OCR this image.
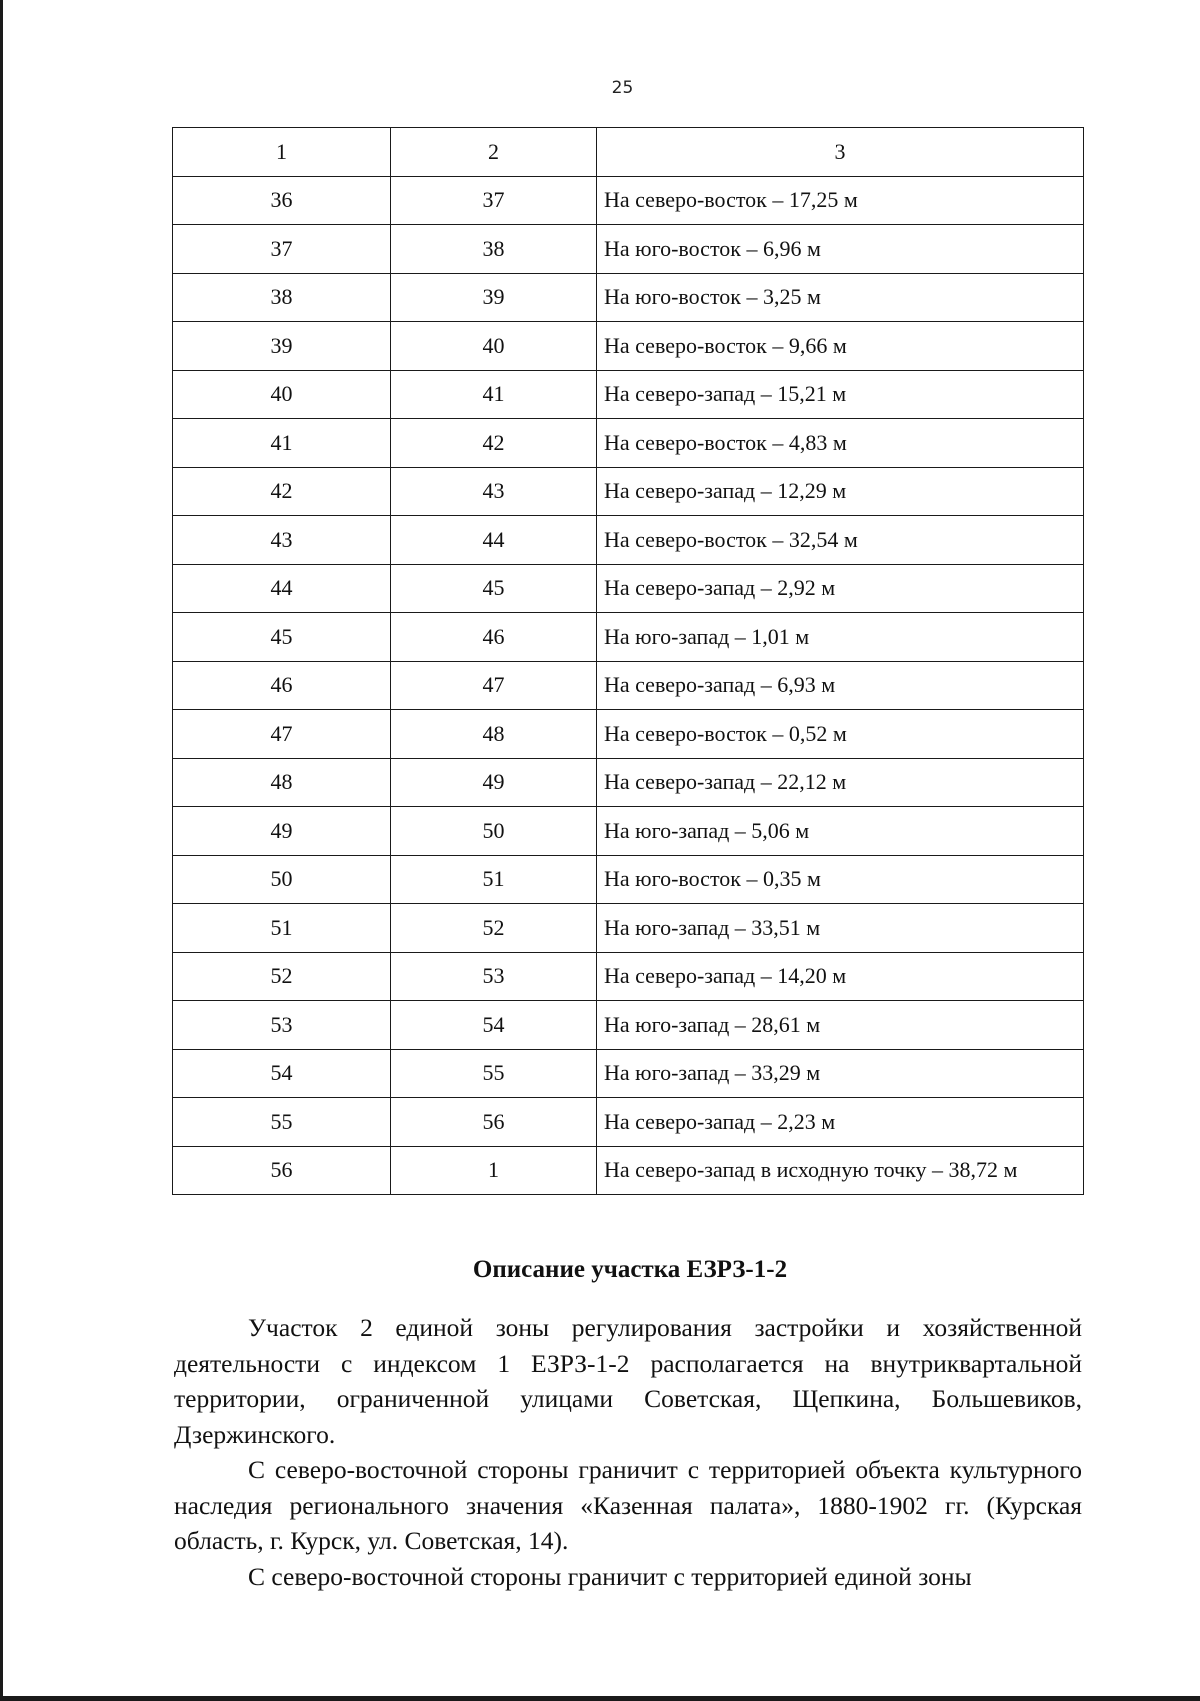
25
1	2	3
36	37	На северо-восток – 17,25 м
37	38	На юго-восток – 6,96 м
38	39	На юго-восток – 3,25 м
39	40	На северо-восток – 9,66 м
40	41	На северо-запад – 15,21 м
41	42	На северо-восток – 4,83 м
42	43	На северо-запад – 12,29 м
43	44	На северо-восток – 32,54 м
44	45	На северо-запад – 2,92 м
45	46	На юго-запад – 1,01 м
46	47	На северо-запад – 6,93 м
47	48	На северо-восток – 0,52 м
48	49	На северо-запад – 22,12 м
49	50	На юго-запад – 5,06 м
50	51	На юго-восток – 0,35 м
51	52	На юго-запад – 33,51 м
52	53	На северо-запад – 14,20 м
53	54	На юго-запад – 28,61 м
54	55	На юго-запад – 33,29 м
55	56	На северо-запад – 2,23 м
56	1	На северо-запад в исходную точку – 38,72 м
Описание участка ЕЗРЗ-1-2

Участок 2 единой зоны регулирования застройки и хозяйственной деятельности с индексом 1 ЕЗРЗ-1-2 располагается на внутриквартальной территории, ограниченной улицами Советская, Щепкина, Большевиков, Дзержинского.

С северо-восточной стороны граничит с территорией объекта культурного наследия регионального значения «Казенная палата», 1880-1902 гг. (Курская область, г. Курск, ул. Советская, 14).

С северо-восточной стороны граничит с территорией единой зоны
